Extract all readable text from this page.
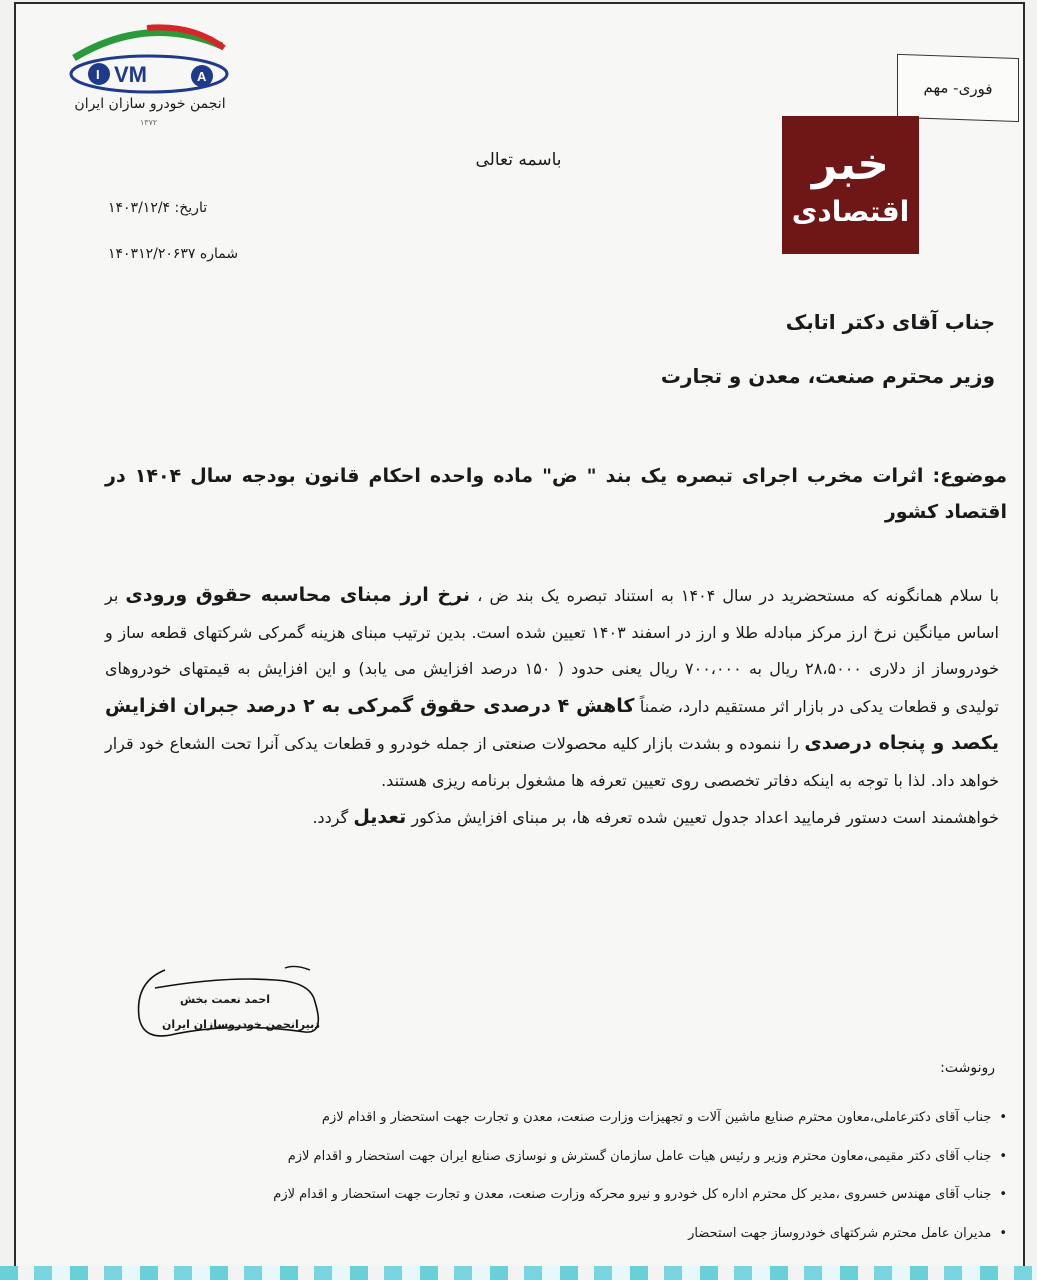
I VM	A
انجمن خودرو سازان ایران
۱۳۷۲
فوری- مهم
خبر
اقتصادی
باسمه تعالی
تاریخ: ۱۴۰۳/۱۲/۴
شماره ۱۴۰۳۱۲/۲۰۶۳۷
جناب آقای دکتر اتابک
وزیر محترم صنعت، معدن و تجارت
موضوع: اثرات مخرب اجرای تبصره یک بند " ض" ماده واحده احکام قانون بودجه سال ۱۴۰۴ در اقتصاد کشور
با سلام همانگونه که مستحضرید در سال ۱۴۰۴ به استناد تبصره یک بند ض ، نرخ ارز مبنای محاسبه حقوق ورودی بر اساس میانگین نرخ ارز مرکز مبادله طلا و ارز در اسفند ۱۴۰۳ تعیین شده است. بدین ترتیب مبنای هزینه گمرکی شرکتهای قطعه ساز و خودروساز از دلاری ۲۸،۵۰۰۰ ریال به ۷۰۰،۰۰۰ ریال یعنی حدود ( ۱۵۰ درصد افزایش می یابد) و این افزایش به قیمتهای خودروهای تولیدی و قطعات یدکی در بازار اثر مستقیم دارد، ضمناً کاهش ۴ درصدی حقوق گمرکی به ۲ درصد جبران افزایش یکصد و پنجاه درصدی را ننموده و بشدت بازار کلیه محصولات صنعتی از جمله خودرو و قطعات یدکی آنرا تحت الشعاع خود قرار خواهد داد. لذا با توجه به اینکه دفاتر تخصصی روی تعیین تعرفه ها مشغول برنامه ریزی هستند.
خواهشمند است دستور فرمایید اعداد جدول تعیین شده تعرفه ها، بر مبنای افزایش مذکور تعدیل گردد.
احمد نعمت بخش
دبیرانجمن خودروسازان ایران
رونوشت:
• جناب آقای دکترعاملی،معاون محترم صنایع ماشین آلات و تجهیزات وزارت صنعت، معدن و تجارت جهت استحضار و اقدام لازم
• جناب آقای دکتر مقیمی،معاون محترم وزیر و رئیس هیات عامل سازمان گسترش و نوسازی صنایع ایران جهت استحضار و اقدام لازم
• جناب آقای مهندس خسروی ،مدیر کل محترم اداره کل خودرو و نیرو محرکه وزارت صنعت، معدن و تجارت جهت استحضار و اقدام لازم
• مدیران عامل محترم شرکتهای خودروساز جهت استحضار
